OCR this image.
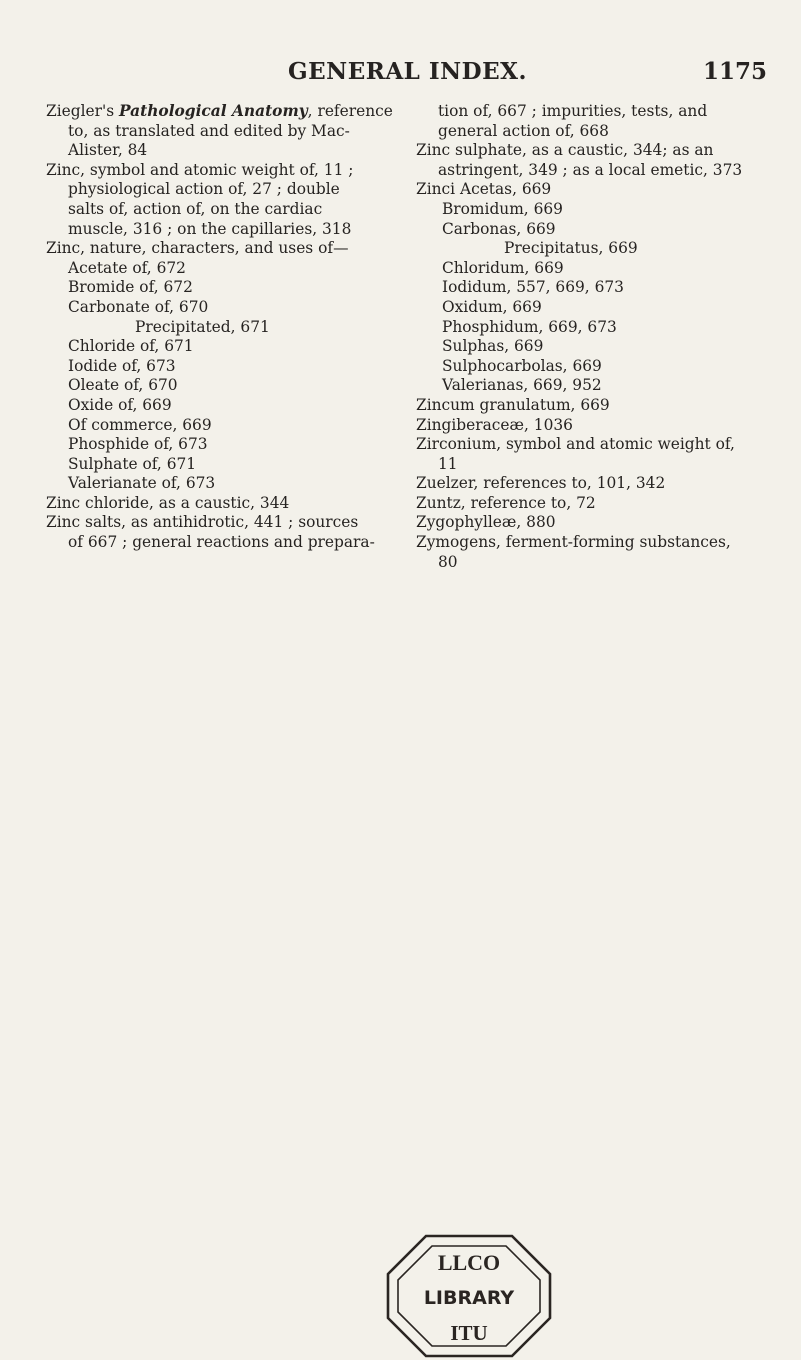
GENERAL INDEX.	1175
Ziegler's Pathological Anatomy, reference
to, as translated and edited by Mac-
Alister, 84
Zinc, symbol and atomic weight of, 11 ;
physiological action of, 27 ; double
salts of, action of, on the cardiac
muscle, 316 ; on the capillaries, 318
Zinc, nature, characters, and uses of—
Acetate of, 672
Bromide of, 672
Carbonate of, 670
Precipitated, 671
Chloride of, 671
Iodide of, 673
Oleate of, 670
Oxide of, 669
Of commerce, 669
Phosphide of, 673
Sulphate of, 671
Valerianate of, 673
Zinc chloride, as a caustic, 344
Zinc salts, as antihidrotic, 441 ; sources
of 667 ; general reactions and prepara-
tion of, 667 ; impurities, tests, and
general action of, 668
Zinc sulphate, as a caustic, 344; as an
astringent, 349 ; as a local emetic, 373
Zinci Acetas, 669
Bromidum, 669
Carbonas, 669
Precipitatus, 669
Chloridum, 669
Iodidum, 557, 669, 673
Oxidum, 669
Phosphidum, 669, 673
Sulphas, 669
Sulphocarbolas, 669
Valerianas, 669, 952
Zincum granulatum, 669
Zingiberaceæ, 1036
Zirconium, symbol and atomic weight of,
11
Zuelzer, references to, 101, 342
Zuntz, reference to, 72
Zygophylleæ, 880
Zymogens, ferment-forming substances,
80
LLCO
LIBRARY
ITU
